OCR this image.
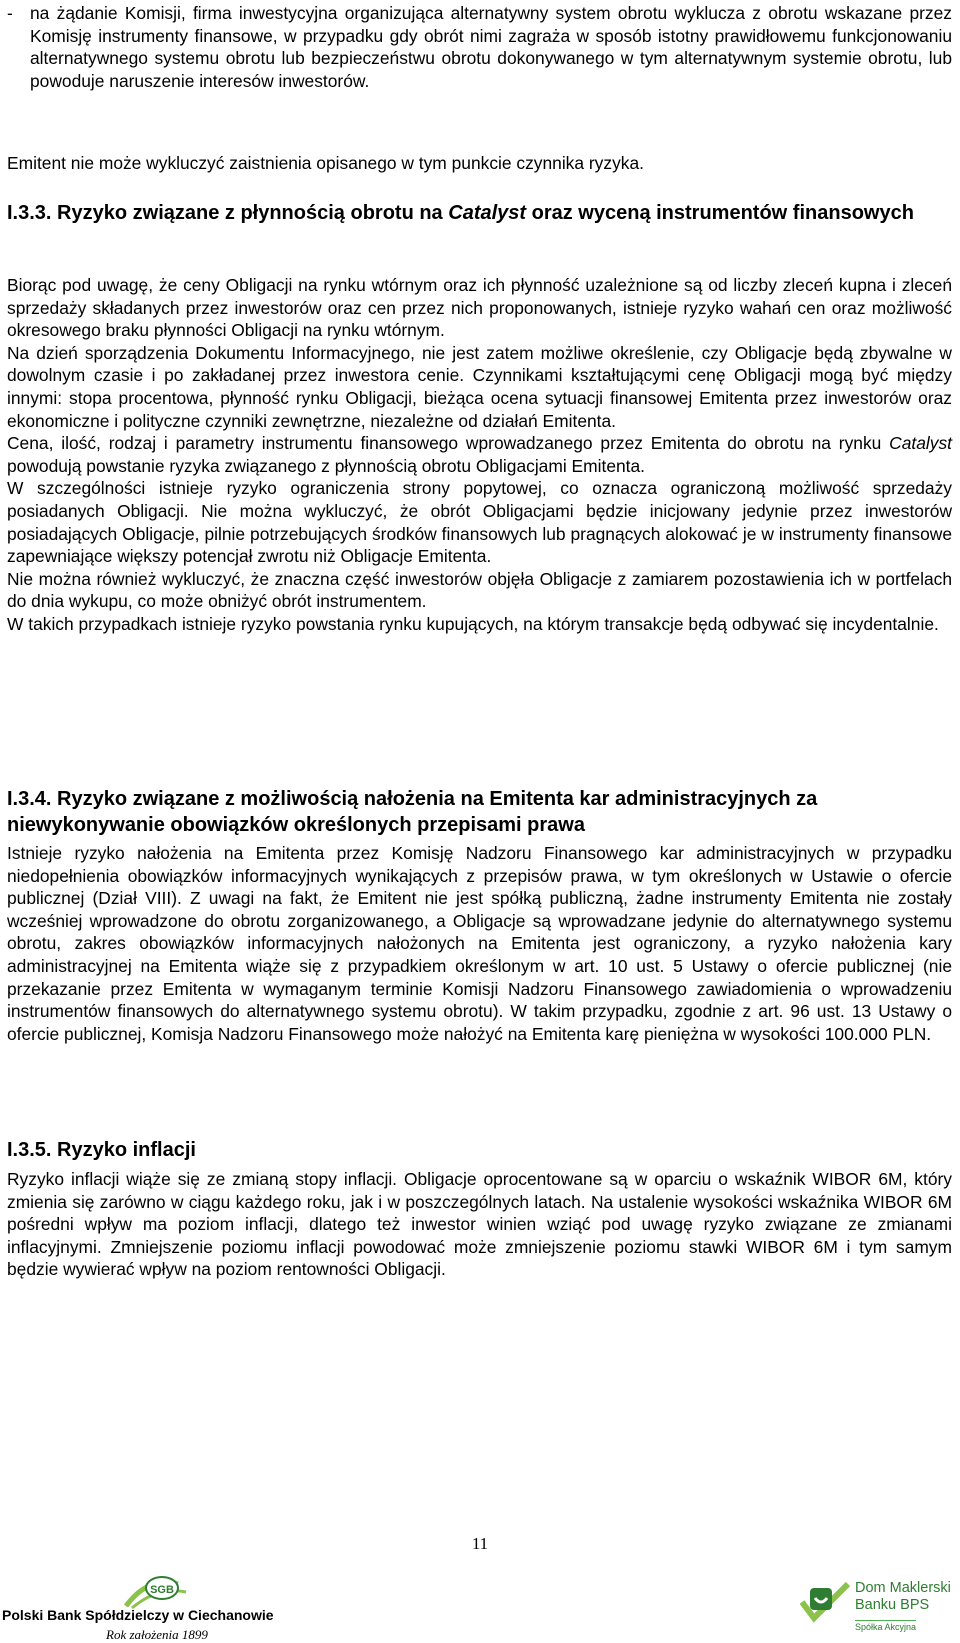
- na żądanie Komisji, firma inwestycyjna organizująca alternatywny system obrotu wyklucza z obrotu wskazane przez Komisję instrumenty finansowe, w przypadku gdy obrót nimi zagraża w sposób istotny prawidłowemu funkcjonowaniu alternatywnego systemu obrotu lub bezpieczeństwu obrotu dokonywanego w tym alternatywnym systemie obrotu, lub powoduje naruszenie interesów inwestorów.

Emitent nie może wykluczyć zaistnienia opisanego w tym punkcie czynnika ryzyka.

I.3.3. Ryzyko związane z płynnością obrotu na Catalyst oraz wyceną instrumentów finansowych

Biorąc pod uwagę, że ceny Obligacji na rynku wtórnym oraz ich płynność uzależnione są od liczby zleceń kupna i zleceń sprzedaży składanych przez inwestorów oraz cen przez nich proponowanych, istnieje ryzyko wahań cen oraz możliwość okresowego braku płynności Obligacji na rynku wtórnym.

Na dzień sporządzenia Dokumentu Informacyjnego, nie jest zatem możliwe określenie, czy Obligacje będą zbywalne w dowolnym czasie i po zakładanej przez inwestora cenie. Czynnikami kształtującymi cenę Obligacji mogą być między innymi: stopa procentowa, płynność rynku Obligacji, bieżąca ocena sytuacji finansowej Emitenta przez inwestorów oraz ekonomiczne i polityczne czynniki zewnętrzne, niezależne od działań Emitenta.

Cena, ilość, rodzaj i parametry instrumentu finansowego wprowadzanego przez Emitenta do obrotu na rynku Catalyst powodują powstanie ryzyka związanego z płynnością obrotu Obligacjami Emitenta.

W szczególności istnieje ryzyko ograniczenia strony popytowej, co oznacza ograniczoną możliwość sprzedaży posiadanych Obligacji. Nie można wykluczyć, że obrót Obligacjami będzie inicjowany jedynie przez inwestorów posiadających Obligacje, pilnie potrzebujących środków finansowych lub pragnących alokować je w instrumenty finansowe zapewniające większy potencjał zwrotu niż Obligacje Emitenta.

Nie można również wykluczyć, że znaczna część inwestorów objęła Obligacje z zamiarem pozostawienia ich w portfelach do dnia wykupu, co może obniżyć obrót instrumentem.

W takich przypadkach istnieje ryzyko powstania rynku kupujących, na którym transakcje będą odbywać się incydentalnie.

I.3.4. Ryzyko związane z możliwością nałożenia na Emitenta kar administracyjnych za niewykonywanie obowiązków określonych przepisami prawa

Istnieje ryzyko nałożenia na Emitenta przez Komisję Nadzoru Finansowego kar administracyjnych w przypadku niedopełnienia obowiązków informacyjnych wynikających z przepisów prawa, w tym określonych w Ustawie o ofercie publicznej (Dział VIII). Z uwagi na fakt, że Emitent nie jest spółką publiczną, żadne instrumenty Emitenta nie zostały wcześniej wprowadzone do obrotu zorganizowanego, a Obligacje są wprowadzane jedynie do alternatywnego systemu obrotu, zakres obowiązków informacyjnych nałożonych na Emitenta jest ograniczony, a ryzyko nałożenia kary administracyjnej na Emitenta wiąże się z przypadkiem określonym w art. 10 ust. 5 Ustawy o ofercie publicznej (nie przekazanie przez Emitenta w wymaganym terminie Komisji Nadzoru Finansowego zawiadomienia o wprowadzeniu instrumentów finansowych do alternatywnego systemu obrotu). W takim przypadku, zgodnie z art. 96 ust. 13 Ustawy o ofercie publicznej, Komisja Nadzoru Finansowego może nałożyć na Emitenta karę pieniężna w wysokości 100.000 PLN.

I.3.5. Ryzyko inflacji

Ryzyko inflacji wiąże się ze zmianą stopy inflacji. Obligacje oprocentowane są w oparciu o wskaźnik WIBOR 6M, który zmienia się zarówno w ciągu każdego roku, jak i w poszczególnych latach. Na ustalenie wysokości wskaźnika WIBOR 6M pośredni wpływ ma poziom inflacji, dlatego też inwestor winien wziąć pod uwagę ryzyko związane ze zmianami inflacyjnymi. Zmniejszenie poziomu inflacji powodować może zmniejszenie poziomu stawki WIBOR 6M i tym samym będzie wywierać wpływ na poziom rentowności Obligacji.

11
SGB
Polski Bank Spółdzielczy w Ciechanowie
Rok założenia 1899
Dom Maklerski
Banku BPS
Spółka Akcyjna
